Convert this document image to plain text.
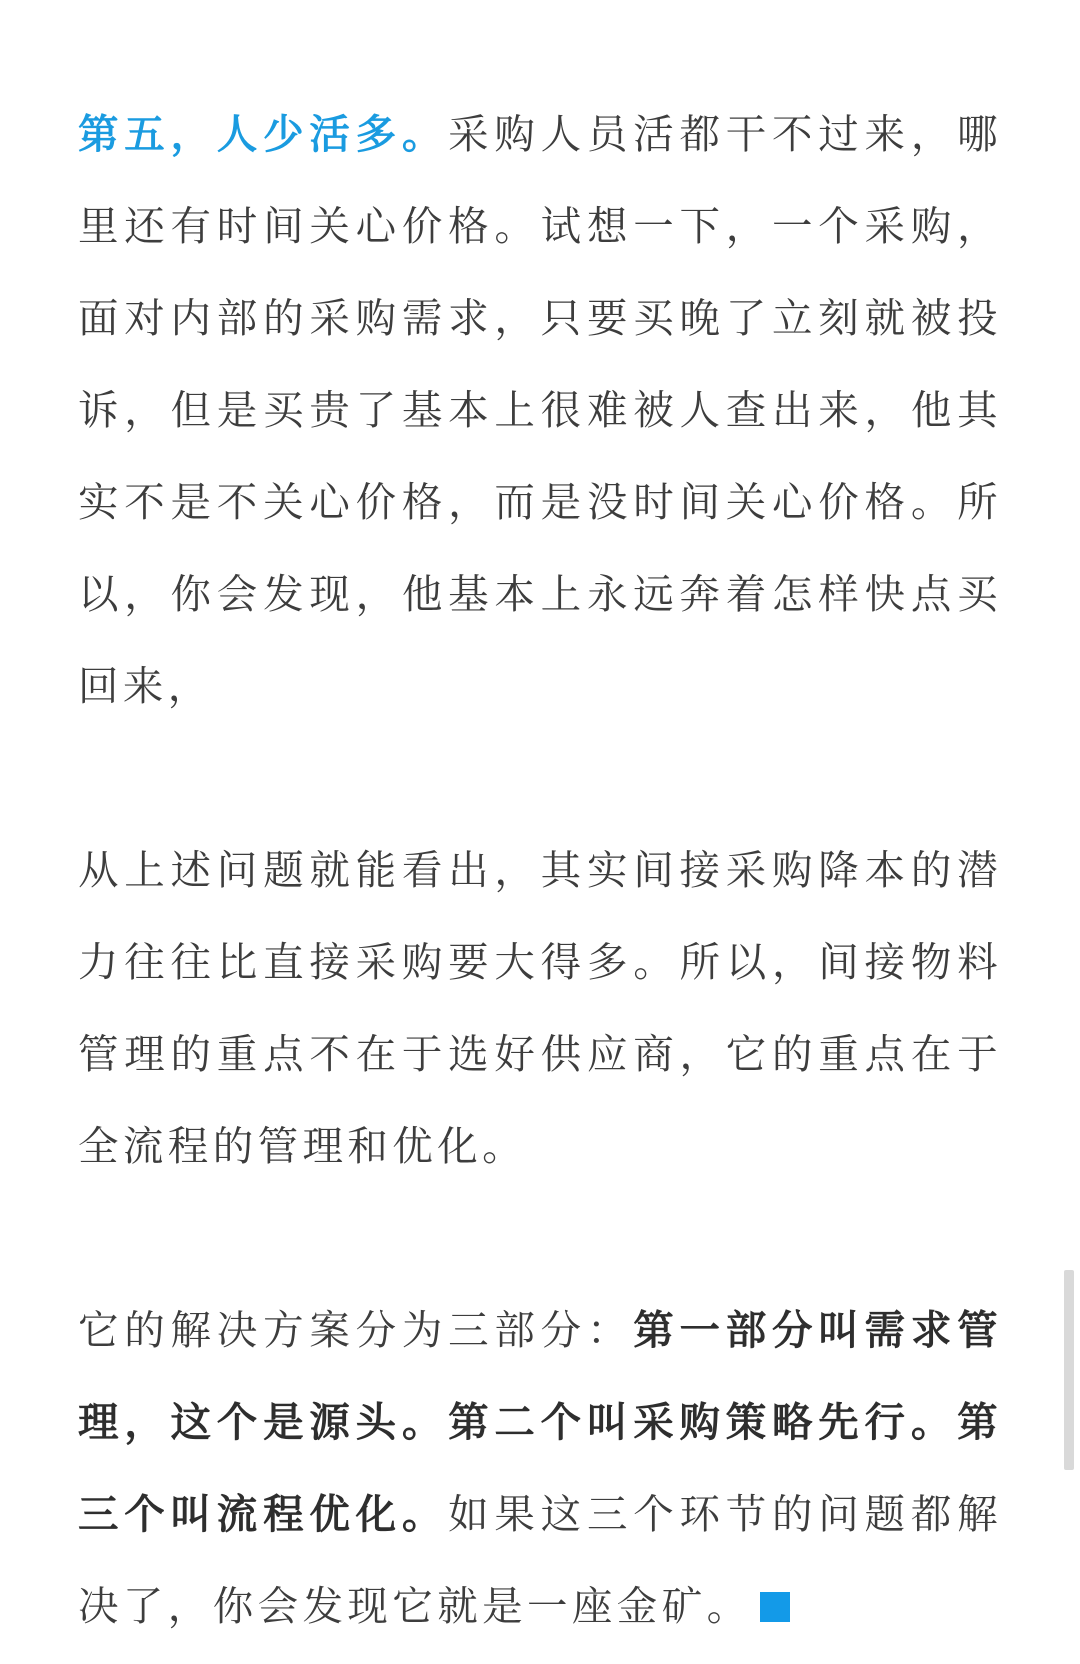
第五，人少活多。采购人员活都干不过来，哪里还有时间关心价格。试想一下，一个采购，面对内部的采购需求，只要买晚了立刻就被投诉，但是买贵了基本上很难被人查出来，他其实不是不关心价格，而是没时间关心价格。所以，你会发现，他基本上永远奔着怎样快点买回来，

从上述问题就能看出，其实间接采购降本的潜力往往比直接采购要大得多。所以，间接物料管理的重点不在于选好供应商，它的重点在于全流程的管理和优化。

它的解决方案分为三部分：第一部分叫需求管理，这个是源头。第二个叫采购策略先行。第三个叫流程优化。如果这三个环节的问题都解决了，你会发现它就是一座金矿。
